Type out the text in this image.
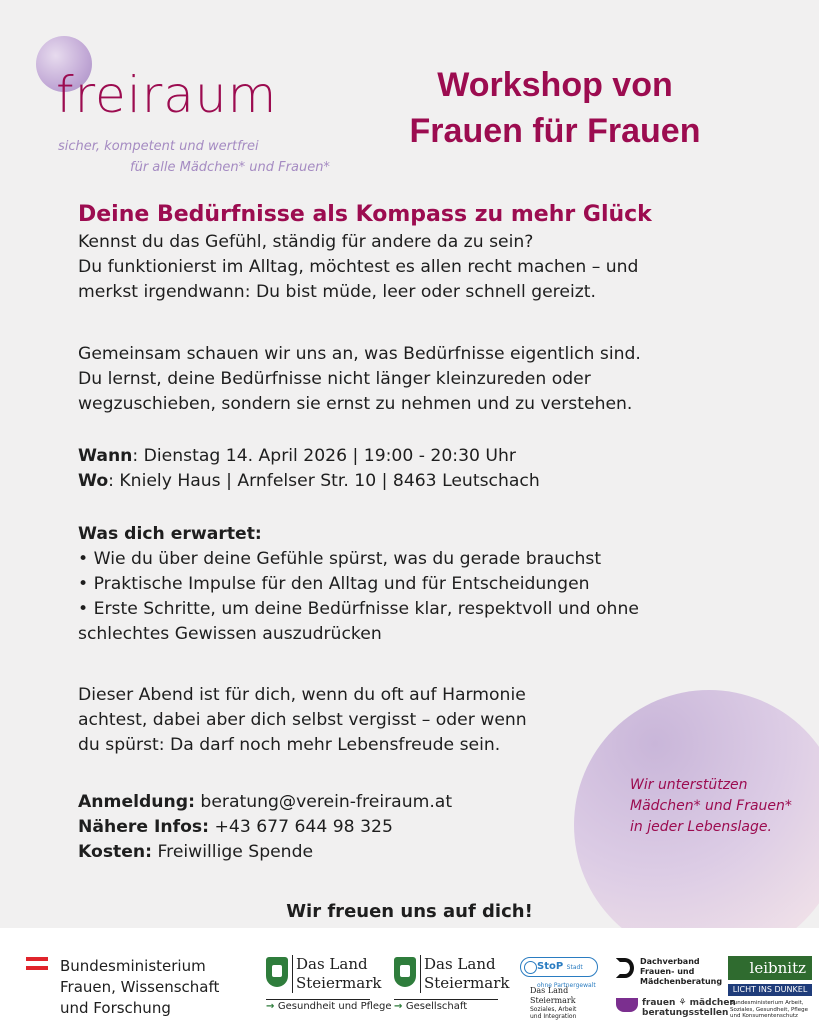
freiraum
sicher, kompetent und wertfrei
für alle Mädchen* und Frauen*
Workshop von
Frauen für Frauen
Deine Bedürfnisse als Kompass zu mehr Glück

Kennst du das Gefühl, ständig für andere da zu sein?

Du funktionierst im Alltag, möchtest es allen recht machen – und

merkst irgendwann: Du bist müde, leer oder schnell gereizt.

Gemeinsam schauen wir uns an, was Bedürfnisse eigentlich sind.

Du lernst, deine Bedürfnisse nicht länger kleinzureden oder

wegzuschieben, sondern sie ernst zu nehmen und zu verstehen.

Wann: Dienstag 14. April 2026 | 19:00 - 20:30 Uhr

Wo: Kniely Haus | Arnfelser Str. 10 | 8463 Leutschach

Was dich erwartet:

• Wie du über deine Gefühle spürst, was du gerade brauchst

• Praktische Impulse für den Alltag und für Entscheidungen

• Erste Schritte, um deine Bedürfnisse klar, respektvoll und ohne

schlechtes Gewissen auszudrücken

Dieser Abend ist für dich, wenn du oft auf Harmonie

achtest, dabei aber dich selbst vergisst – oder wenn

du spürst: Da darf noch mehr Lebensfreude sein.

Wir unterstützen
Mädchen* und Frauen*
in jeder Lebenslage.

Anmeldung: beratung@verein-freiraum.at

Nähere Infos: +43 677 644 98 325

Kosten: Freiwillige Spende

Wir freuen uns auf dich!
Bundesministerium
Frauen, Wissenschaft
und Forschung
Das Land
Steiermark
→ Gesundheit und Pflege
Das Land
Steiermark
→ Gesellschaft
StoP Stadt ohne Partnergewalt
Das Land
Steiermark
Soziales, Arbeit und Integration
Dachverband
Frauen- und
Mädchenberatung
frauen ⚘ mädchen
beratungsstellen
leibnitz
LICHT INS DUNKEL
Bundesministerium Arbeit, Soziales, Gesundheit, Pflege und Konsumentenschutz
